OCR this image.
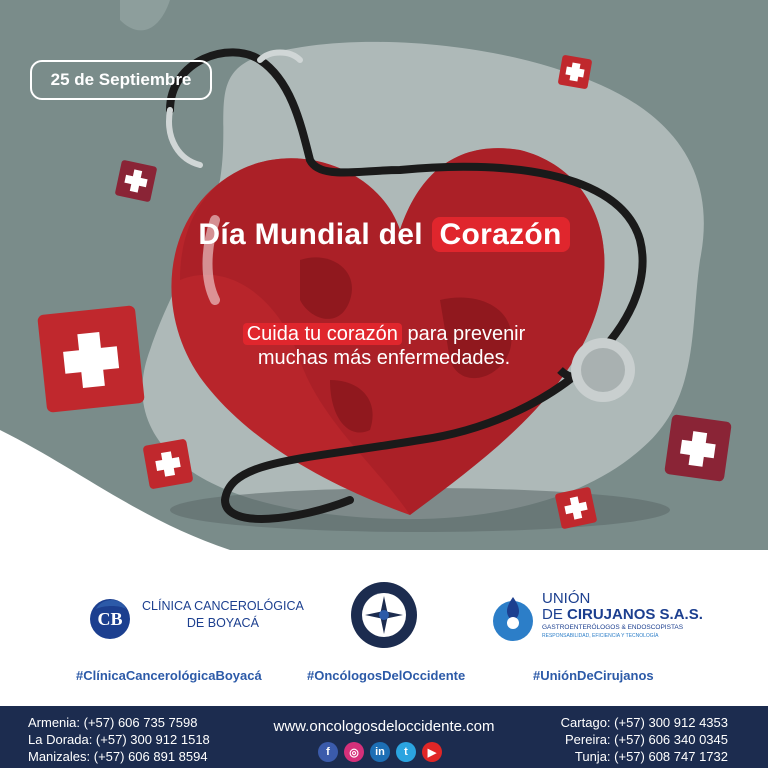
25 de Septiembre
Día Mundial del Corazón
Cuida tu corazón para prevenir
muchas más enfermedades.
CB
CLÍNICA CANCEROLÓGICA
DE BOYACÁ
UNIÓN
DE CIRUJANOS S.A.S.
GASTROENTERÓLOGOS & ENDOSCOPISTAS
RESPONSABILIDAD, EFICIENCIA Y TECNOLOGÍA
#ClínicaCancerológicaBoyacá	#OncólogosDelOccidente	#UniónDeCirujanos
Armenia: (+57) 606 735 7598
La Dorada: (+57) 300 912 1518
Manizales: (+57) 606 891 8594
www.oncologosdeloccidente.com
f	◎	in	t	▶
Cartago: (+57) 300 912 4353
Pereira: (+57) 606 340 0345
Tunja: (+57) 608 747 1732
